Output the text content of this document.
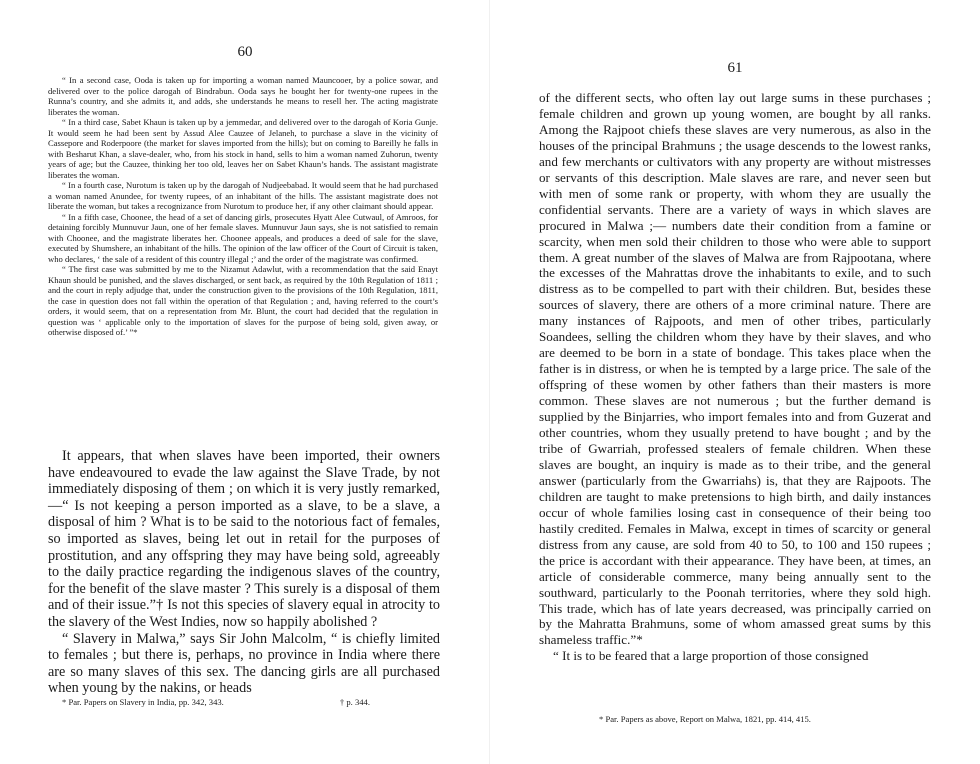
60

“ In a second case, Ooda is taken up for importing a woman named Mauncooer, by a police sowar, and delivered over to the police darogah of Bindrabun. Ooda says he bought her for twenty-one rupees in the Runna’s country, and she admits it, and adds, she understands he means to resell her. The acting magistrate liberates the woman.

“ In a third case, Sabet Khaun is taken up by a jemmedar, and delivered over to the darogah of Koria Gunje. It would seem he had been sent by Assud Alee Cauzee of Jelaneh, to purchase a slave in the vicinity of Cassepore and Roderpoore (the market for slaves imported from the hills); but on coming to Bareilly he falls in with Besharut Khan, a slave-dealer, who, from his stock in hand, sells to him a woman named Zuhorun, twenty years of age; but the Cauzee, thinking her too old, leaves her on Sabet Khaun’s hands. The assistant magistrate liberates the woman.

“ In a fourth case, Nurotum is taken up by the darogah of Nudjeebabad. It would seem that he had purchased a woman named Anundee, for twenty rupees, of an inhabitant of the hills. The assistant magistrate does not liberate the woman, but takes a recognizance from Nurotum to produce her, if any other claimant should appear.

“ In a fifth case, Choonee, the head of a set of dancing girls, prosecutes Hyatt Alee Cutwaul, of Amroos, for detaining forcibly Munnuvur Jaun, one of her female slaves. Munnuvur Jaun says, she is not satisfied to remain with Choonee, and the magistrate liberates her. Choonee appeals, and produces a deed of sale for the slave, executed by Shumshere, an inhabitant of the hills. The opinion of the law officer of the Court of Circuit is taken, who declares, ‘ the sale of a resident of this country illegal ;’ and the order of the magistrate was confirmed.

“ The first case was submitted by me to the Nizamut Adawlut, with a recommendation that the said Enayt Khaun should be punished, and the slaves discharged, or sent back, as required by the 10th Regulation of 1811 ; and the court in reply adjudge that, under the construction given to the provisions of the 10th Regulation, 1811, the case in question does not fall within the operation of that Regulation ; and, having referred to the court’s orders, it would seem, that on a representation from Mr. Blunt, the court had decided that the regulation in question was ‘ applicable only to the importation of slaves for the purpose of being sold, given away, or otherwise disposed of.’ ”*

It appears, that when slaves have been imported, their owners have endeavoured to evade the law against the Slave Trade, by not immediately disposing of them ; on which it is very justly remarked,—“ Is not keeping a person imported as a slave, to be a slave, a disposal of him ? What is to be said to the notorious fact of females, so imported as slaves, being let out in retail for the purposes of prostitution, and any offspring they may have being sold, agreeably to the daily practice regarding the indigenous slaves of the country, for the benefit of the slave master ? This surely is a disposal of them and of their issue.”† Is not this species of slavery equal in atrocity to the slavery of the West Indies, now so happily abolished ?

“ Slavery in Malwa,” says Sir John Malcolm, “ is chiefly limited to females ; but there is, perhaps, no province in India where there are so many slaves of this sex. The dancing girls are all purchased when young by the nakins, or heads

* Par. Papers on Slavery in India, pp. 342, 343.	† p. 344.
61

of the different sects, who often lay out large sums in these purchases ; female children and grown up young women, are bought by all ranks. Among the Rajpoot chiefs these slaves are very numerous, as also in the houses of the principal Brahmuns ; the usage descends to the lowest ranks, and few merchants or cultivators with any property are without mistresses or servants of this description. Male slaves are rare, and never seen but with men of some rank or property, with whom they are usually the confidential servants. There are a variety of ways in which slaves are procured in Malwa ;— numbers date their condition from a famine or scarcity, when men sold their children to those who were able to support them. A great number of the slaves of Malwa are from Rajpootana, where the excesses of the Mahrattas drove the inhabitants to exile, and to such distress as to be compelled to part with their children. But, besides these sources of slavery, there are others of a more criminal nature. There are many instances of Rajpoots, and men of other tribes, particularly Soandees, selling the children whom they have by their slaves, and who are deemed to be born in a state of bondage. This takes place when the father is in distress, or when he is tempted by a large price. The sale of the offspring of these women by other fathers than their masters is more common. These slaves are not numerous ; but the further demand is supplied by the Binjarries, who import females into and from Guzerat and other countries, whom they usually pretend to have bought ; and by the tribe of Gwarriah, professed stealers of female children. When these slaves are bought, an inquiry is made as to their tribe, and the general answer (particularly from the Gwarriahs) is, that they are Rajpoots. The children are taught to make pretensions to high birth, and daily instances occur of whole families losing cast in consequence of their being too hastily credited. Females in Malwa, except in times of scarcity or general distress from any cause, are sold from 40 to 50, to 100 and 150 rupees ; the price is accordant with their appearance. They have been, at times, an article of considerable commerce, many being annually sent to the southward, particularly to the Poonah territories, where they sold high. This trade, which has of late years decreased, was principally carried on by the Mahratta Brahmuns, some of whom amassed great sums by this shameless traffic.”*

“ It is to be feared that a large proportion of those consigned

* Par. Papers as above, Report on Malwa, 1821, pp. 414, 415.
